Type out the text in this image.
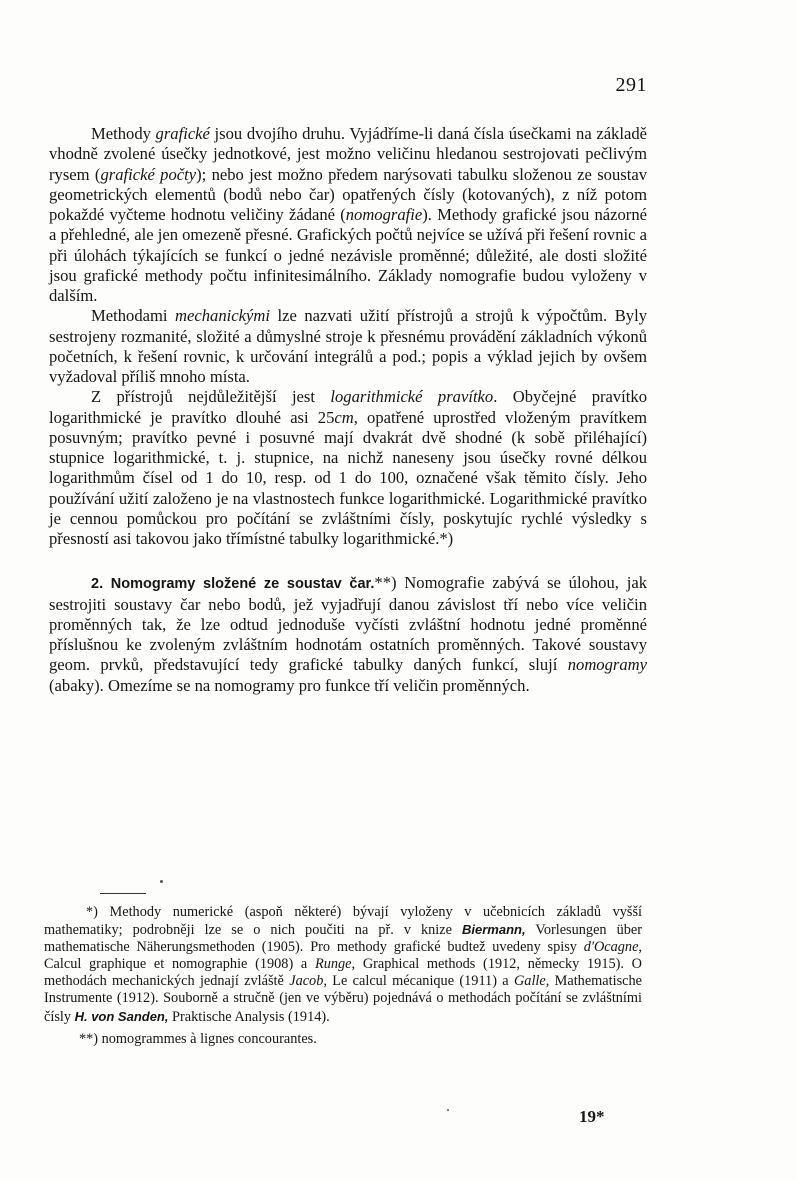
291

Methody grafické jsou dvojího druhu. Vyjádříme-li daná čísla úsečkami na základě vhodně zvolené úsečky jednotkové, jest možno veličinu hledanou sestrojovati pečlivým rysem (grafické počty); nebo jest možno předem narýsovati tabulku složenou ze soustav geometrických elementů (bodů nebo čar) opatřených čísly (kotovaných), z níž potom pokaždé vyčteme hodnotu veličiny žádané (nomografie). Methody grafické jsou názorné a přehledné, ale jen omezeně přesné. Grafických počtů nejvíce se užívá při řešení rovnic a při úlohách týkajících se funkcí o jedné nezávisle proměnné; důležité, ale dosti složité jsou grafické methody počtu infinitesimálního. Základy nomografie budou vyloženy v dalším.

Methodami mechanickými lze nazvati užití přístrojů a strojů k výpočtům. Byly sestrojeny rozmanité, složité a důmyslné stroje k přesnému provádění základních výkonů početních, k řešení rovnic, k určování integrálů a pod.; popis a výklad jejich by ovšem vyžadoval příliš mnoho místa.

Z přístrojů nejdůležitější jest logarithmické pravítko. Obyčejné pravítko logarithmické je pravítko dlouhé asi 25cm, opatřené uprostřed vloženým pravítkem posuvným; pravítko pevné i posuvné mají dvakrát dvě shodné (k sobě přiléhající) stupnice logarithmické, t. j. stupnice, na nichž naneseny jsou úsečky rovné délkou logarithmům čísel od 1 do 10, resp. od 1 do 100, označené však těmito čísly. Jeho používání užití založeno je na vlastnostech funkce logarithmické. Logarithmické pravítko je cennou pomůckou pro počítání se zvláštními čísly, poskytujíc rychlé výsledky s přesností asi takovou jako třímístné tabulky logarithmické.*)

2. Nomogramy složené ze soustav čar.**) Nomografie zabývá se úlohou, jak sestrojiti soustavy čar nebo bodů, jež vyjadřují danou závislost tří nebo více veličin proměnných tak, že lze odtud jednoduše vyčísti zvláštní hodnotu jedné proměnné příslušnou ke zvoleným zvláštním hodnotám ostatních proměnných. Takové soustavy geom. prvků, představující tedy grafické tabulky daných funkcí, slují nomogramy (abaky). Omezíme se na nomogramy pro funkce tří veličin proměnných.

*) Methody numerické (aspoň některé) bývají vyloženy v učebnicích základů vyšší mathematiky; podrobněji lze se o nich poučiti na př. v knize Biermann, Vorlesungen über mathematische Näherungsmethoden (1905). Pro methody grafické budtež uvedeny spisy d'Ocagne, Calcul graphique et nomographie (1908) a Runge, Graphical methods (1912, německy 1915). O methodách mechanických jednají zvláště Jacob, Le calcul mécanique (1911) a Galle, Mathematische Instrumente (1912). Souborně a stručně (jen ve výběru) pojednává o methodách počítání se zvláštními čísly H. von Sanden, Praktische Analysis (1914).

**) nomogrammes à lignes concourantes.

19*
